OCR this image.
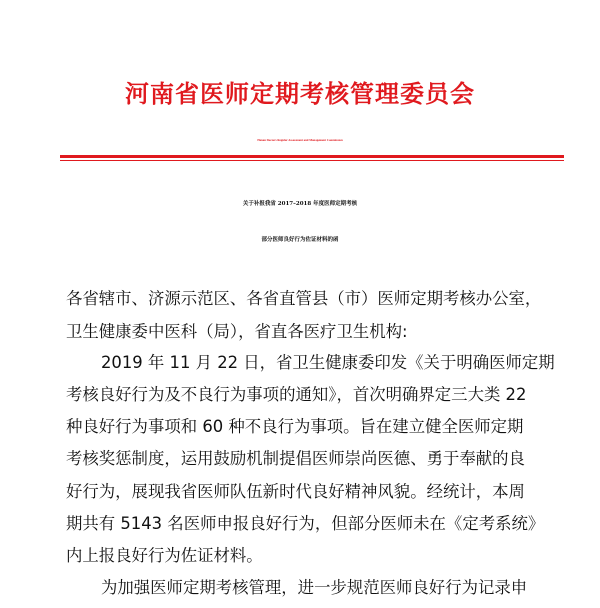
河南省医师定期考核管理委员会
Henan Doctors Regular Assessment and Management Commission
关于补报我省 2017–2018 年度医师定期考核
部分医师良好行为佐证材料的函
各省辖市、济源示范区、各省直管县（市）医师定期考核办公室，
卫生健康委中医科（局），省直各医疗卫生机构:
2019 年 11 月 22 日，省卫生健康委印发《关于明确医师定期
考核良好行为及不良行为事项的通知》，首次明确界定三大类 22
种良好行为事项和 60 种不良行为事项。旨在建立健全医师定期
考核奖惩制度，运用鼓励机制提倡医师崇尚医德、勇于奉献的良
好行为，展现我省医师队伍新时代良好精神风貌。经统计，本周
期共有 5143 名医师申报良好行为，但部分医师未在《定考系统》
内上报良好行为佐证材料。
为加强医师定期考核管理，进一步规范医师良好行为记录申
